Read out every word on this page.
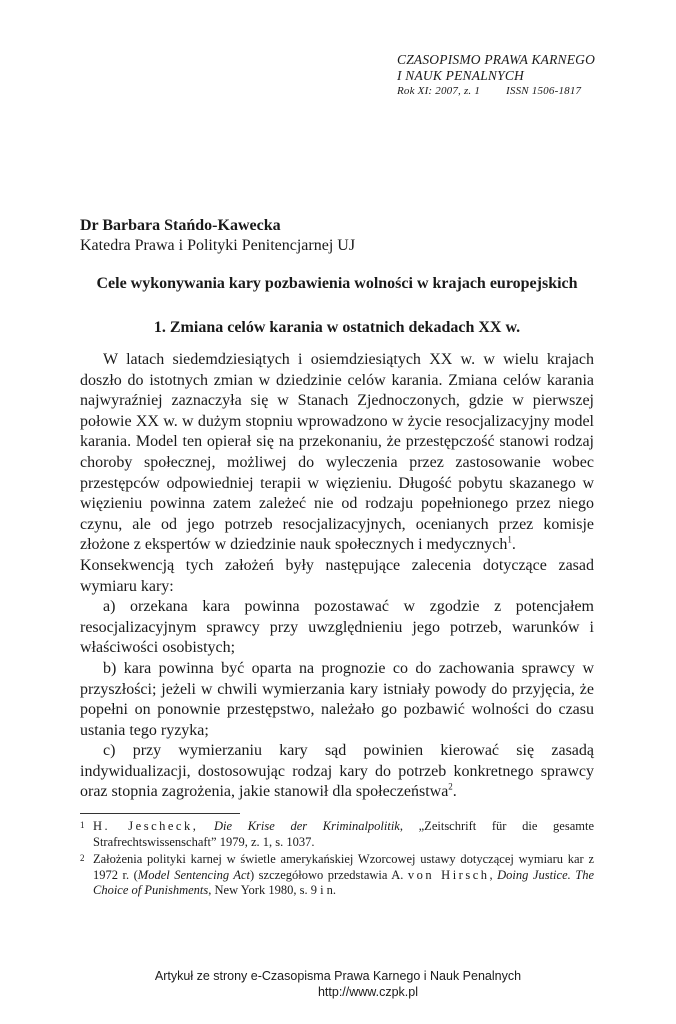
CZASOPISMO PRAWA KARNEGO
I NAUK PENALNYCH
Rok XI: 2007, z. 1 ISSN 1506-1817
Dr Barbara Stańdo-Kawecka
Katedra Prawa i Polityki Penitencjarnej UJ
Cele wykonywania kary pozbawienia wolności w krajach europejskich
1. Zmiana celów karania w ostatnich dekadach XX w.

W latach siedemdziesiątych i osiemdziesiątych XX w. w wielu krajach doszło do istotnych zmian w dziedzinie celów karania. Zmiana celów karania najwyraźniej zaznaczyła się w Stanach Zjednoczonych, gdzie w pierwszej połowie XX w. w dużym stopniu wprowadzono w życie resocjalizacyjny model karania. Model ten opierał się na przekonaniu, że przestępczość stanowi rodzaj choroby społecznej, możliwej do wyleczenia przez zastosowanie wobec przestępców odpowiedniej terapii w więzieniu. Długość pobytu skazanego w więzieniu powinna zatem zależeć nie od rodzaju popełnionego przez niego czynu, ale od jego potrzeb resocjalizacyjnych, ocenianych przez komisje złożone z ekspertów w dziedzinie nauk społecznych i medycznych$^1$.

Konsekwencją tych założeń były następujące zalecenia dotyczące zasad wymiaru kary:

a) orzekana kara powinna pozostawać w zgodzie z potencjałem resocjalizacyjnym sprawcy przy uwzględnieniu jego potrzeb, warunków i właściwości osobistych;

b) kara powinna być oparta na prognozie co do zachowania sprawcy w przyszłości; jeżeli w chwili wymierzania kary istniały powody do przyjęcia, że popełni on ponownie przestępstwo, należało go pozbawić wolności do czasu ustania tego ryzyka;

c) przy wymierzaniu kary sąd powinien kierować się zasadą indywidualizacji, dostosowując rodzaj kary do potrzeb konkretnego sprawcy oraz stopnia zagrożenia, jakie stanowił dla społeczeństwa$^2$.

1 H. Jescheck, Die Krise der Kriminalpolitik, „Zeitschrift für die gesamte Strafrechtswissenschaft” 1979, z. 1, s. 1037.
2 Założenia polityki karnej w świetle amerykańskiej Wzorcowej ustawy dotyczącej wymiaru kar z 1972 r. (Model Sentencing Act) szczegółowo przedstawia A. von Hirsch, Doing Justice. The Choice of Punishments, New York 1980, s. 9 i n.
Artykuł ze strony e-Czasopisma Prawa Karnego i Nauk Penalnych
http://www.czpk.pl
